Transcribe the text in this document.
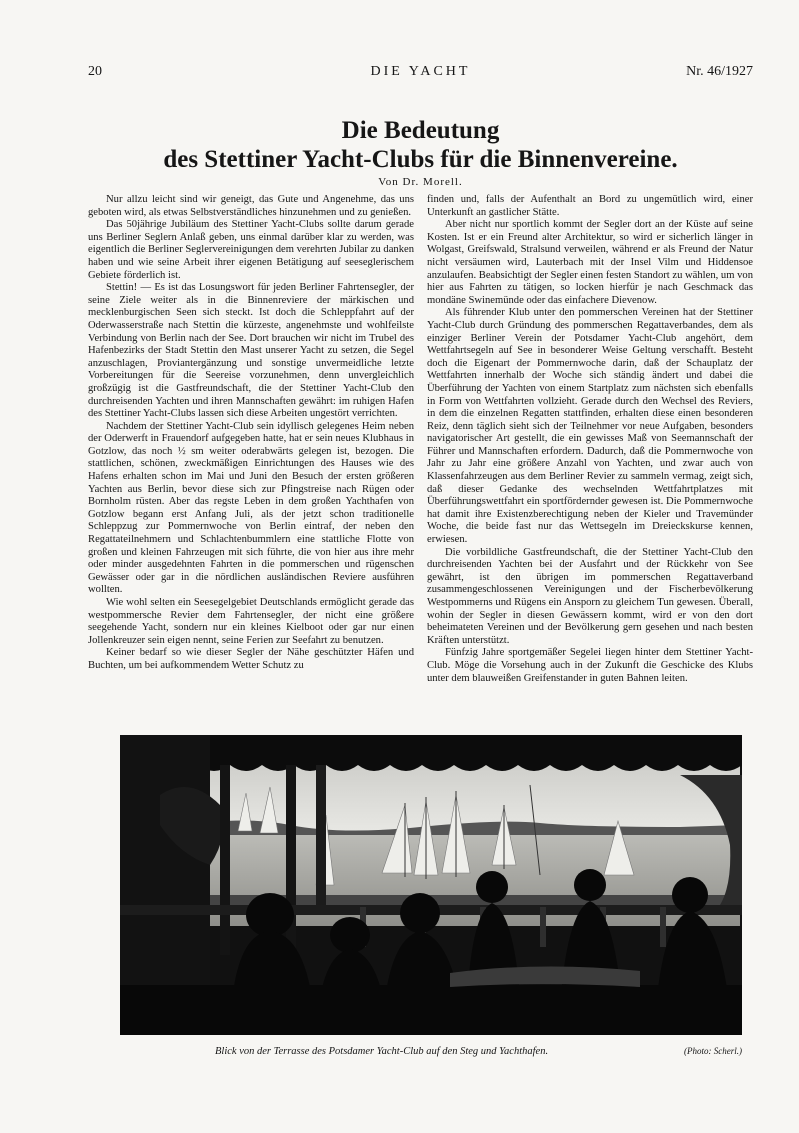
20	DIE YACHT	Nr. 46/1927
Die Bedeutung
des Stettiner Yacht-Clubs für die Binnenvereine.
Von Dr. Morell.

Nur allzu leicht sind wir geneigt, das Gute und Angenehme, das uns geboten wird, als etwas Selbstverständliches hinzunehmen und zu genießen.

Das 50jährige Jubiläum des Stettiner Yacht-Clubs sollte darum gerade uns Berliner Seglern Anlaß geben, uns einmal darüber klar zu werden, was eigentlich die Berliner Seglervereinigungen dem verehrten Jubilar zu danken haben und wie seine Arbeit ihrer eigenen Betätigung auf seeseglerischem Gebiete förderlich ist.

Stettin! — Es ist das Losungswort für jeden Berliner Fahrtensegler, der seine Ziele weiter als in die Binnenreviere der märkischen und mecklenburgischen Seen sich steckt. Ist doch die Schleppfahrt auf der Oderwasserstraße nach Stettin die kürzeste, angenehmste und wohlfeilste Verbindung von Berlin nach der See. Dort brauchen wir nicht im Trubel des Hafenbezirks der Stadt Stettin den Mast unserer Yacht zu setzen, die Segel anzuschlagen, Proviantergänzung und sonstige unvermeidliche letzte Vorbereitungen für die Seereise vorzunehmen, denn unvergleichlich großzügig ist die Gastfreundschaft, die der Stettiner Yacht-Club den durchreisenden Yachten und ihren Mannschaften gewährt: im ruhigen Hafen des Stettiner Yacht-Clubs lassen sich diese Arbeiten ungestört verrichten.

Nachdem der Stettiner Yacht-Club sein idyllisch gelegenes Heim neben der Oderwerft in Frauendorf aufgegeben hatte, hat er sein neues Klubhaus in Gotzlow, das noch ½ sm weiter oderabwärts gelegen ist, bezogen. Die stattlichen, schönen, zweckmäßigen Einrichtungen des Hauses wie des Hafens erhalten schon im Mai und Juni den Besuch der ersten größeren Yachten aus Berlin, bevor diese sich zur Pfingstreise nach Rügen oder Bornholm rüsten. Aber das regste Leben in dem großen Yachthafen von Gotzlow begann erst Anfang Juli, als der jetzt schon traditionelle Schleppzug zur Pommernwoche von Berlin eintraf, der neben den Regattateilnehmern und Schlachtenbummlern eine stattliche Flotte von großen und kleinen Fahrzeugen mit sich führte, die von hier aus ihre mehr oder minder ausgedehnten Fahrten in die pommerschen und rügenschen Gewässer oder gar in die nördlichen ausländischen Reviere ausführen wollten.

Wie wohl selten ein Seesegelgebiet Deutschlands ermöglicht gerade das westpommersche Revier dem Fahrtensegler, der nicht eine größere seegehende Yacht, sondern nur ein kleines Kielboot oder gar nur einen Jollenkreuzer sein eigen nennt, seine Ferien zur Seefahrt zu benutzen.

Keiner bedarf so wie dieser Segler der Nähe geschützter Häfen und Buchten, um bei aufkommendem Wetter Schutz zu

finden und, falls der Aufenthalt an Bord zu ungemütlich wird, einer Unterkunft an gastlicher Stätte.

Aber nicht nur sportlich kommt der Segler dort an der Küste auf seine Kosten. Ist er ein Freund alter Architektur, so wird er sicherlich länger in Wolgast, Greifswald, Stralsund verweilen, während er als Freund der Natur nicht versäumen wird, Lauterbach mit der Insel Vilm und Hiddensoe anzulaufen. Beabsichtigt der Segler einen festen Standort zu wählen, um von hier aus Fahrten zu tätigen, so locken hierfür je nach Geschmack das mondäne Swinemünde oder das einfachere Dievenow.

Als führender Klub unter den pommerschen Vereinen hat der Stettiner Yacht-Club durch Gründung des pommerschen Regattaverbandes, dem als einziger Berliner Verein der Potsdamer Yacht-Club angehört, dem Wettfahrtsegeln auf See in besonderer Weise Geltung verschafft. Besteht doch die Eigenart der Pommernwoche darin, daß der Schauplatz der Wettfahrten innerhalb der Woche sich ständig ändert und dabei die Überführung der Yachten von einem Startplatz zum nächsten sich ebenfalls in Form von Wettfahrten vollzieht. Gerade durch den Wechsel des Reviers, in dem die einzelnen Regatten stattfinden, erhalten diese einen besonderen Reiz, denn täglich sieht sich der Teilnehmer vor neue Aufgaben, besonders navigatorischer Art gestellt, die ein gewisses Maß von Seemannschaft der Führer und Mannschaften erfordern. Dadurch, daß die Pommernwoche von Jahr zu Jahr eine größere Anzahl von Yachten, und zwar auch von Klassenfahrzeugen aus dem Berliner Revier zu sammeln vermag, zeigt sich, daß dieser Gedanke des wechselnden Wettfahrtplatzes mit Überführungswettfahrt ein sportfördernder gewesen ist. Die Pommernwoche hat damit ihre Existenzberechtigung neben der Kieler und Travemünder Woche, die beide fast nur das Wettsegeln im Dreieckskurse kennen, erwiesen.

Die vorbildliche Gastfreundschaft, die der Stettiner Yacht-Club den durchreisenden Yachten bei der Ausfahrt und der Rückkehr von See gewährt, ist den übrigen im pommerschen Regattaverband zusammengeschlossenen Vereinigungen und der Fischerbevölkerung Westpommerns und Rügens ein Ansporn zu gleichem Tun gewesen. Überall, wohin der Segler in diesen Gewässern kommt, wird er von den dort beheimateten Vereinen und der Bevölkerung gern gesehen und nach besten Kräften unterstützt.

Fünfzig Jahre sportgemäßer Segelei liegen hinter dem Stettiner Yacht-Club. Möge die Vorsehung auch in der Zukunft die Geschicke des Klubs unter dem blauweißen Greifenstander in guten Bahnen leiten.

Blick von der Terrasse des Potsdamer Yacht-Club auf den Steg und Yachthafen.	(Photo: Scherl.)
